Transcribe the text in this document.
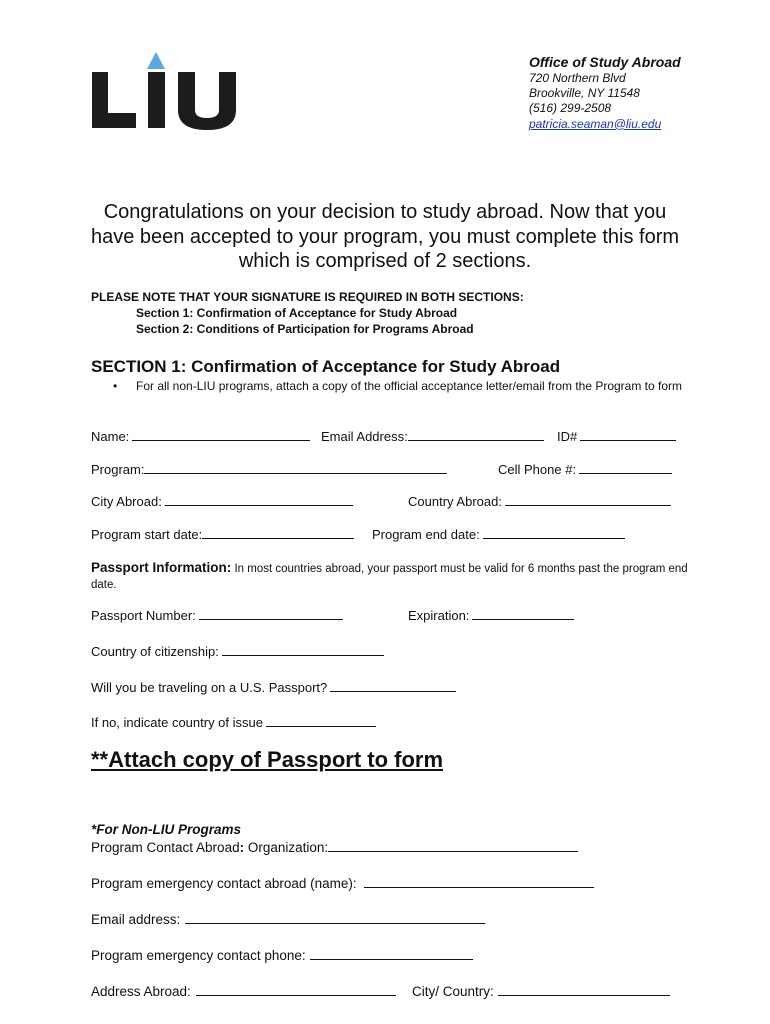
Office of Study Abroad
720 Northern Blvd
Brookville, NY 11548
(516) 299-2508
patricia.seaman@liu.edu
Congratulations on your decision to study abroad. Now that you have been accepted to your program, you must complete this form which is comprised of 2 sections.
PLEASE NOTE THAT YOUR SIGNATURE IS REQUIRED IN BOTH SECTIONS:
Section 1: Confirmation of Acceptance for Study Abroad
Section 2: Conditions of Participation for Programs Abroad
SECTION 1: Confirmation of Acceptance for Study Abroad
•	For all non-LIU programs, attach a copy of the official acceptance letter/email from the Program to form
Name:	Email Address:	ID#
Program:	Cell Phone #:
City Abroad:	Country Abroad:
Program start date:	Program end date:
Passport Information: In most countries abroad, your passport must be valid for 6 months past the program end date.
Passport Number:	Expiration:
Country of citizenship:
Will you be traveling on a U.S. Passport?
If no, indicate country of issue
**Attach copy of Passport to form
*For Non-LIU Programs
Program Contact Abroad: Organization:
Program emergency contact abroad (name):
Email address:
Program emergency contact phone:
Address Abroad:	City/ Country:
